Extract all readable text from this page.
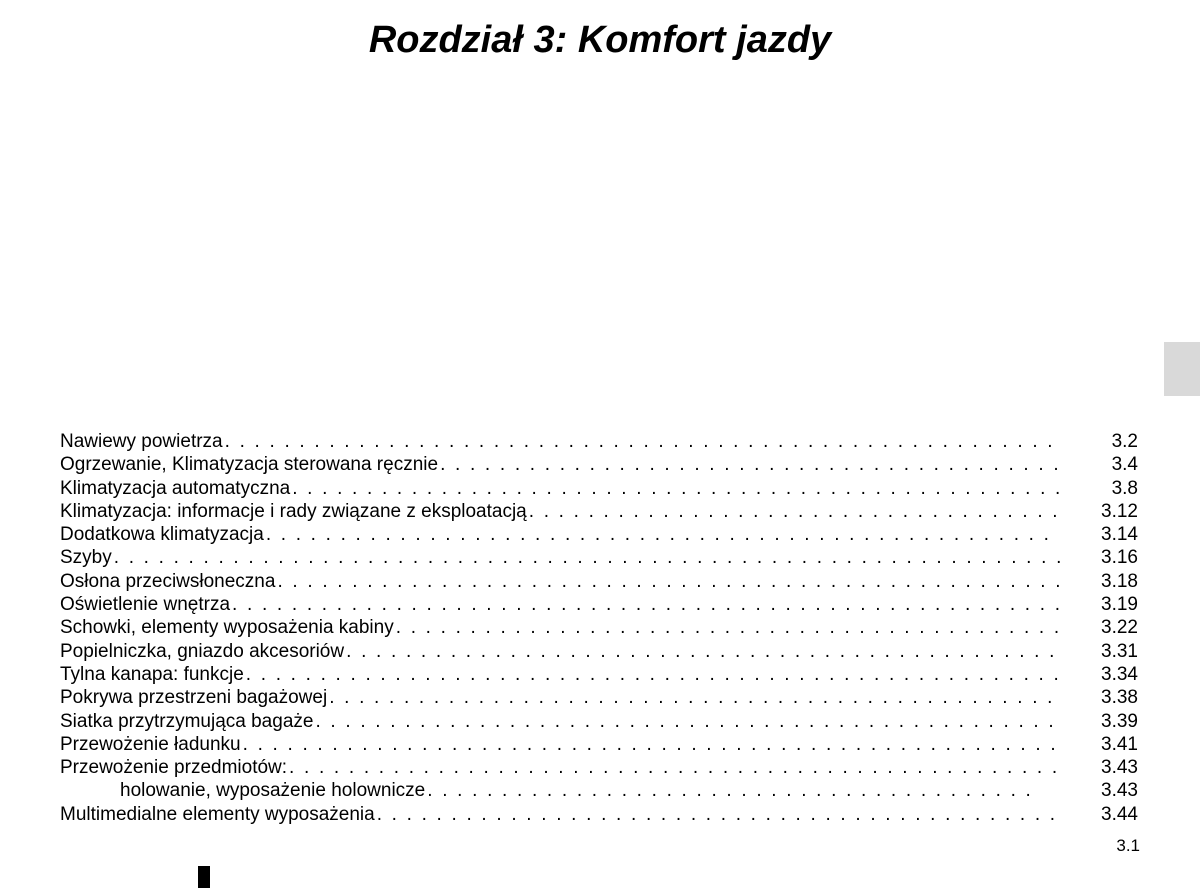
Rozdział 3: Komfort jazdy
Nawiewy powietrza . . .	3.2
Ogrzewanie, Klimatyzacja sterowana ręcznie . . .	3.4
Klimatyzacja automatyczna . . .	3.8
Klimatyzacja: informacje i rady związane z eksploatacją . . .	3.12
Dodatkowa klimatyzacja . . .	3.14
Szyby . . .	3.16
Osłona przeciwsłoneczna . . .	3.18
Oświetlenie wnętrza . . .	3.19
Schowki, elementy wyposażenia kabiny . . .	3.22
Popielniczka, gniazdo akcesoriów . . .	3.31
Tylna kanapa: funkcje . . .	3.34
Pokrywa przestrzeni bagażowej . . .	3.38
Siatka przytrzymująca bagaże . . .	3.39
Przewożenie ładunku . . .	3.41
Przewożenie przedmiotów: . . .	3.43
holowanie, wyposażenie holownicze . . .	3.43
Multimedialne elementy wyposażenia . . .	3.44
3.1
